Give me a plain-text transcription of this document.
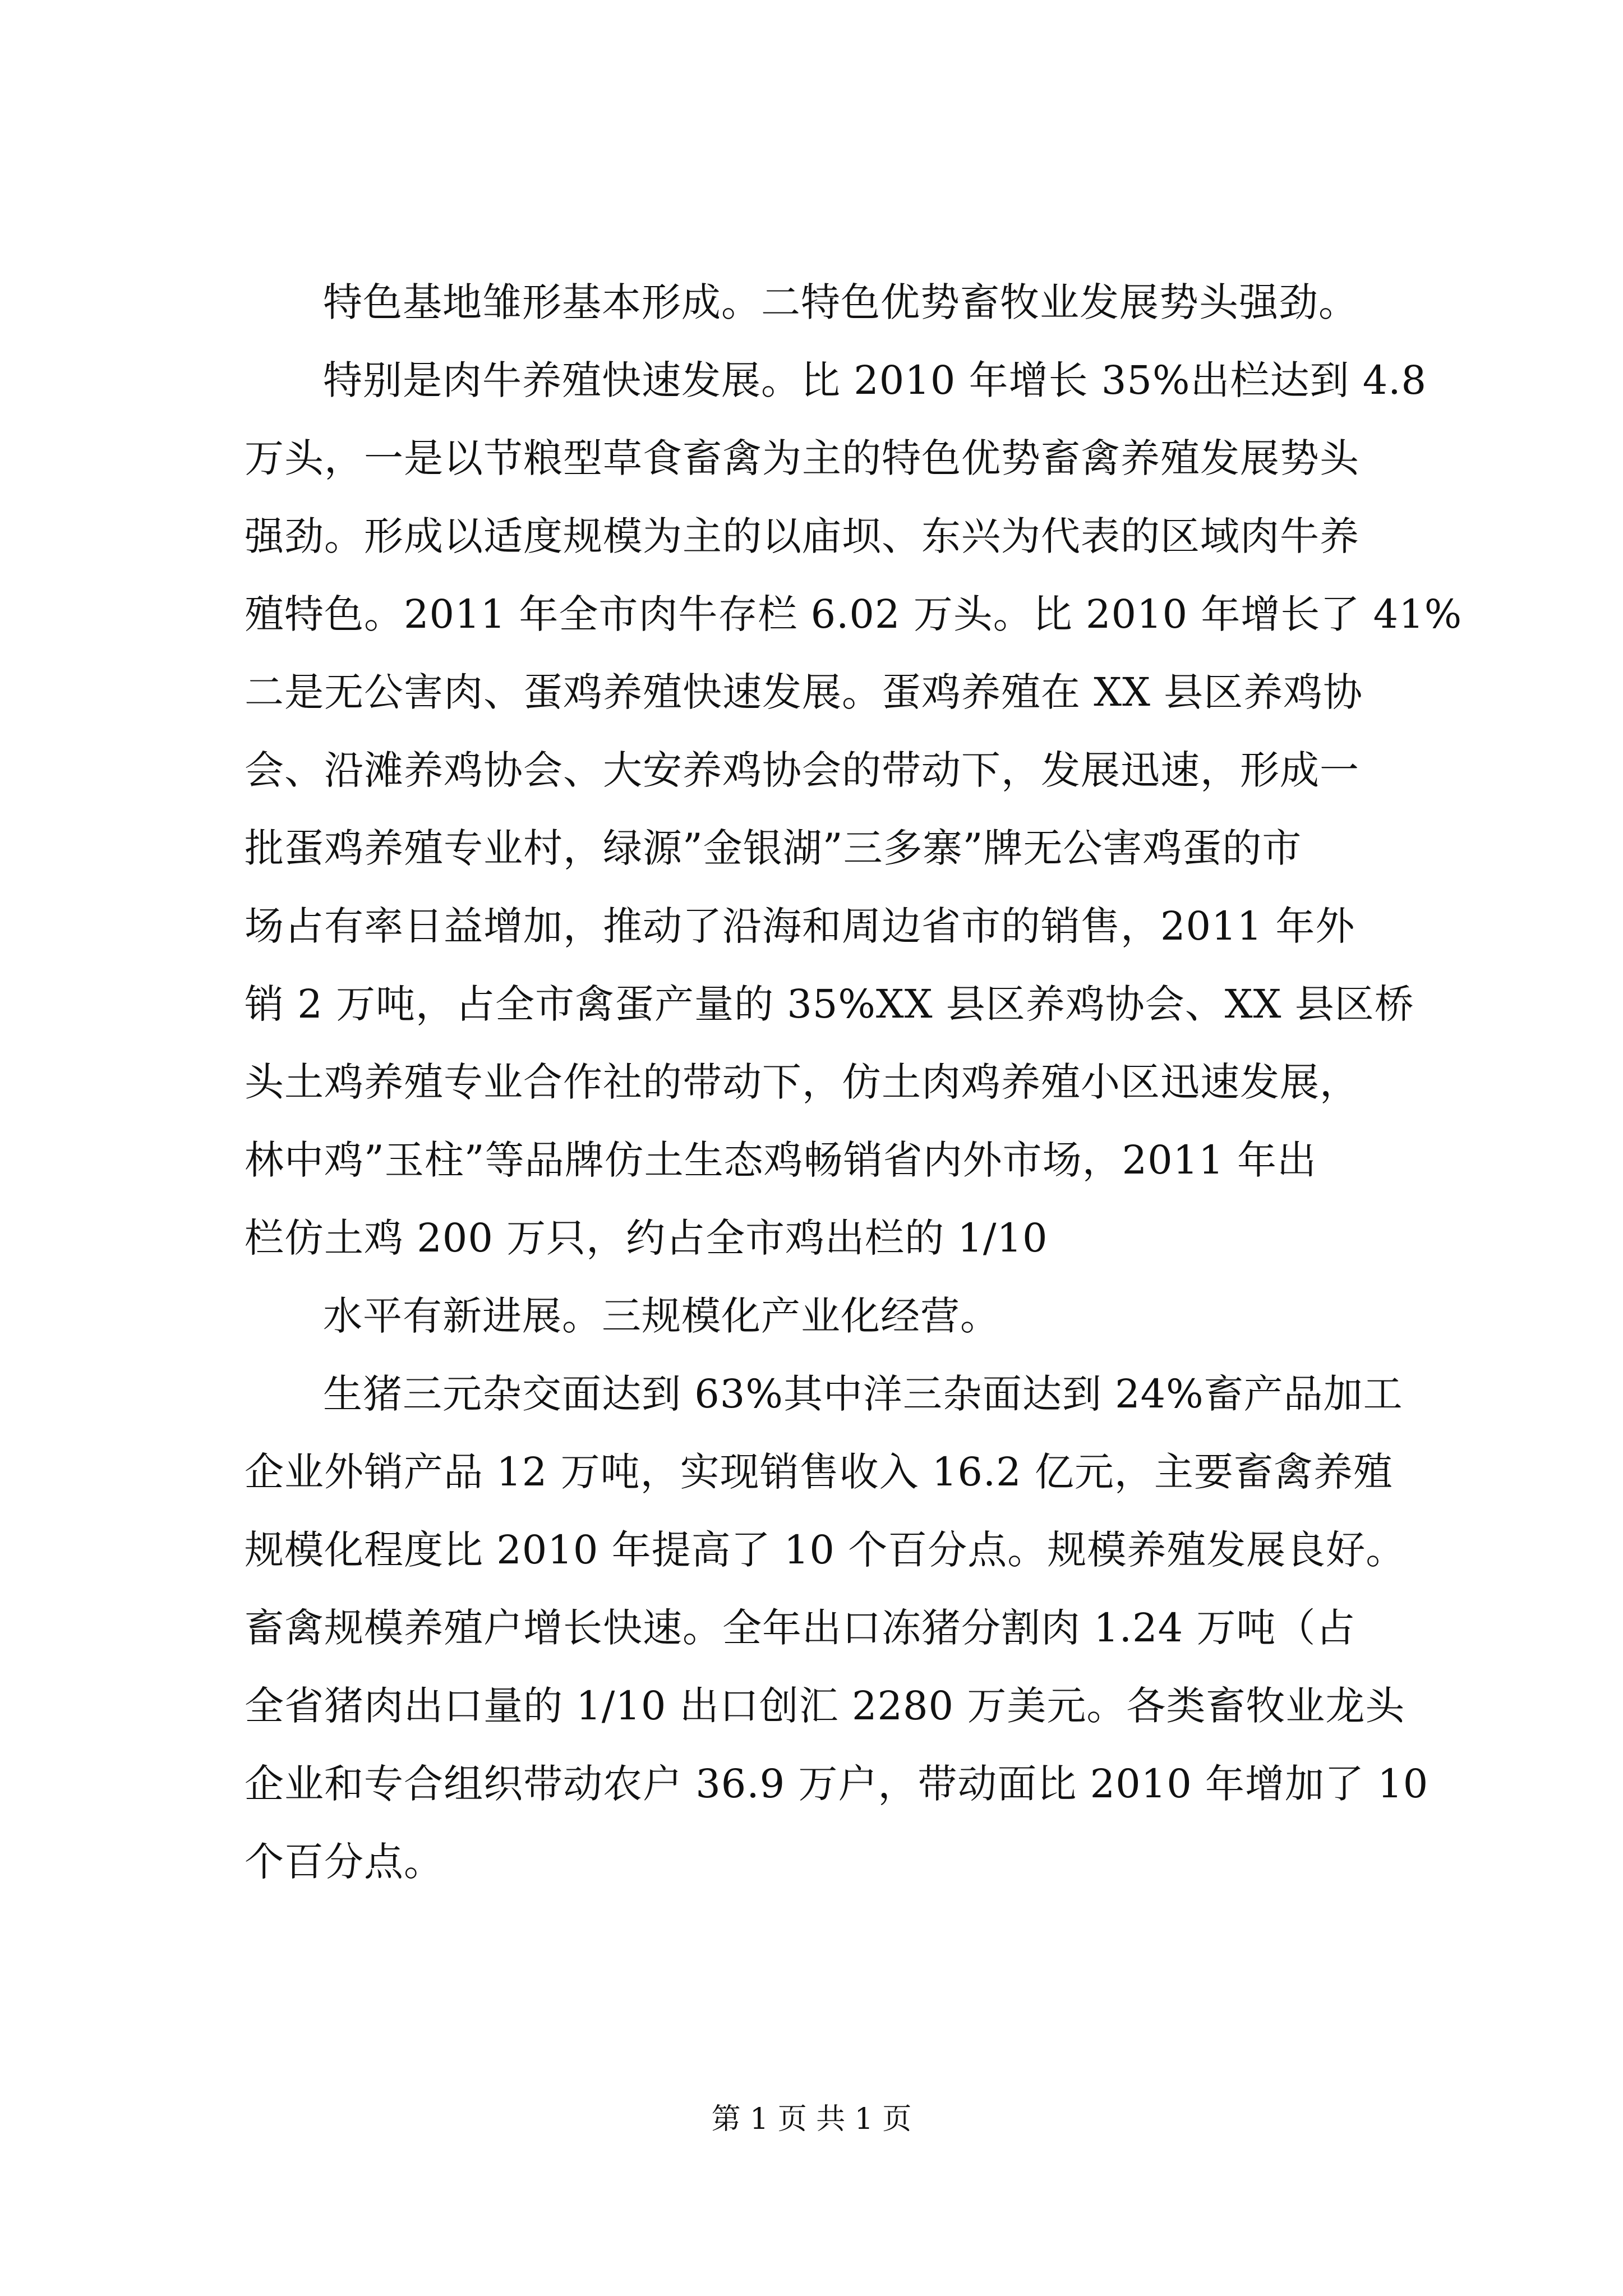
特色基地雏形基本形成。二特色优势畜牧业发展势头强劲。
特别是肉牛养殖快速发展。比 2010 年增长 35%出栏达到 4.8
万头，一是以节粮型草食畜禽为主的特色优势畜禽养殖发展势头
强劲。形成以适度规模为主的以庙坝、东兴为代表的区域肉牛养
殖特色。2011 年全市肉牛存栏 6.02 万头。比 2010 年增长了 41%
二是无公害肉、蛋鸡养殖快速发展。蛋鸡养殖在 XX 县区养鸡协
会、沿滩养鸡协会、大安养鸡协会的带动下，发展迅速，形成一
批蛋鸡养殖专业村，绿源”金银湖”三多寨”牌无公害鸡蛋的市
场占有率日益增加，推动了沿海和周边省市的销售，2011 年外
销 2 万吨，占全市禽蛋产量的 35%XX 县区养鸡协会、XX 县区桥
头土鸡养殖专业合作社的带动下，仿土肉鸡养殖小区迅速发展，
林中鸡”玉柱”等品牌仿土生态鸡畅销省内外市场，2011 年出
栏仿土鸡 200 万只，约占全市鸡出栏的 1/10
水平有新进展。三规模化产业化经营。
生猪三元杂交面达到 63%其中洋三杂面达到 24%畜产品加工
企业外销产品 12 万吨，实现销售收入 16.2 亿元，主要畜禽养殖
规模化程度比 2010 年提高了 10 个百分点。规模养殖发展良好。
畜禽规模养殖户增长快速。全年出口冻猪分割肉 1.24 万吨（占
全省猪肉出口量的 1/10 出口创汇 2280 万美元。各类畜牧业龙头
企业和专合组织带动农户 36.9 万户，带动面比 2010 年增加了 10
个百分点。
第 1 页 共 1 页
